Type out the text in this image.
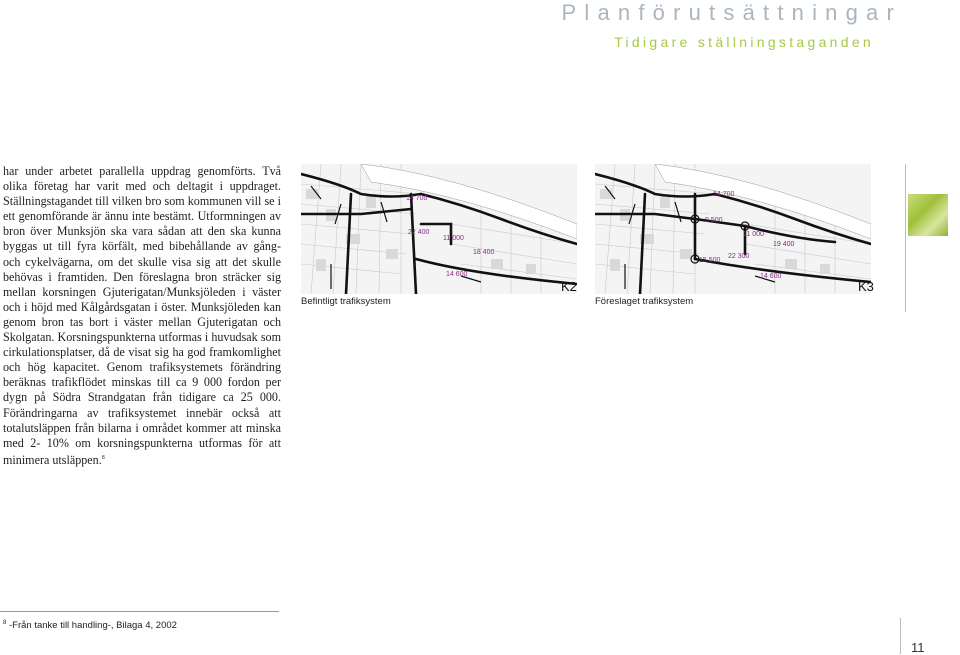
Planförutsättningar
Tidigare ställningstaganden
har under arbetet parallella uppdrag genomförts. Två olika företag har varit med och deltagit i uppdraget. Ställningstagandet till vilken bro som kommunen vill se i ett genomförande är ännu inte bestämt. Utformningen av bron över Munksjön ska vara sådan att den ska kunna byggas ut till fyra körfält, med bibehållande av gång- och cykelvägarna, om det skulle visa sig att det skulle behövas i framtiden. Den föreslagna bron sträcker sig mellan korsningen Gjuterigatan/Munksjöleden i väster och i höjd med Kålgårdsgatan i öster. Munksjöleden kan genom bron tas bort i väster mellan Gjuterigatan och Skolgatan. Korsningspunkterna utformas i huvudsak som cirkulationsplatser, då de visat sig ha god framkomlighet och hög kapacitet. Genom trafiksystemets förändring beräknas trafikflödet minskas till ca 9 000 fordon per dygn på Södra Strandgatan från tidigare ca 25 000. Förändringarna av trafiksystemet innebär också att totalutsläppen från bilarna i området kommer att minska med 2- 10% om korsningspunkterna utformas för att minimera utsläppen.$^8$
14 700
22 400
11 000
18 400
14 600
Befintligt trafiksystem
K2
14 700
9 500
11 000
19 400
15 500
22 300
14 600
Föreslaget trafiksystem
K3
$^8$ -Från tanke till handling-, Bilaga 4, 2002
11
